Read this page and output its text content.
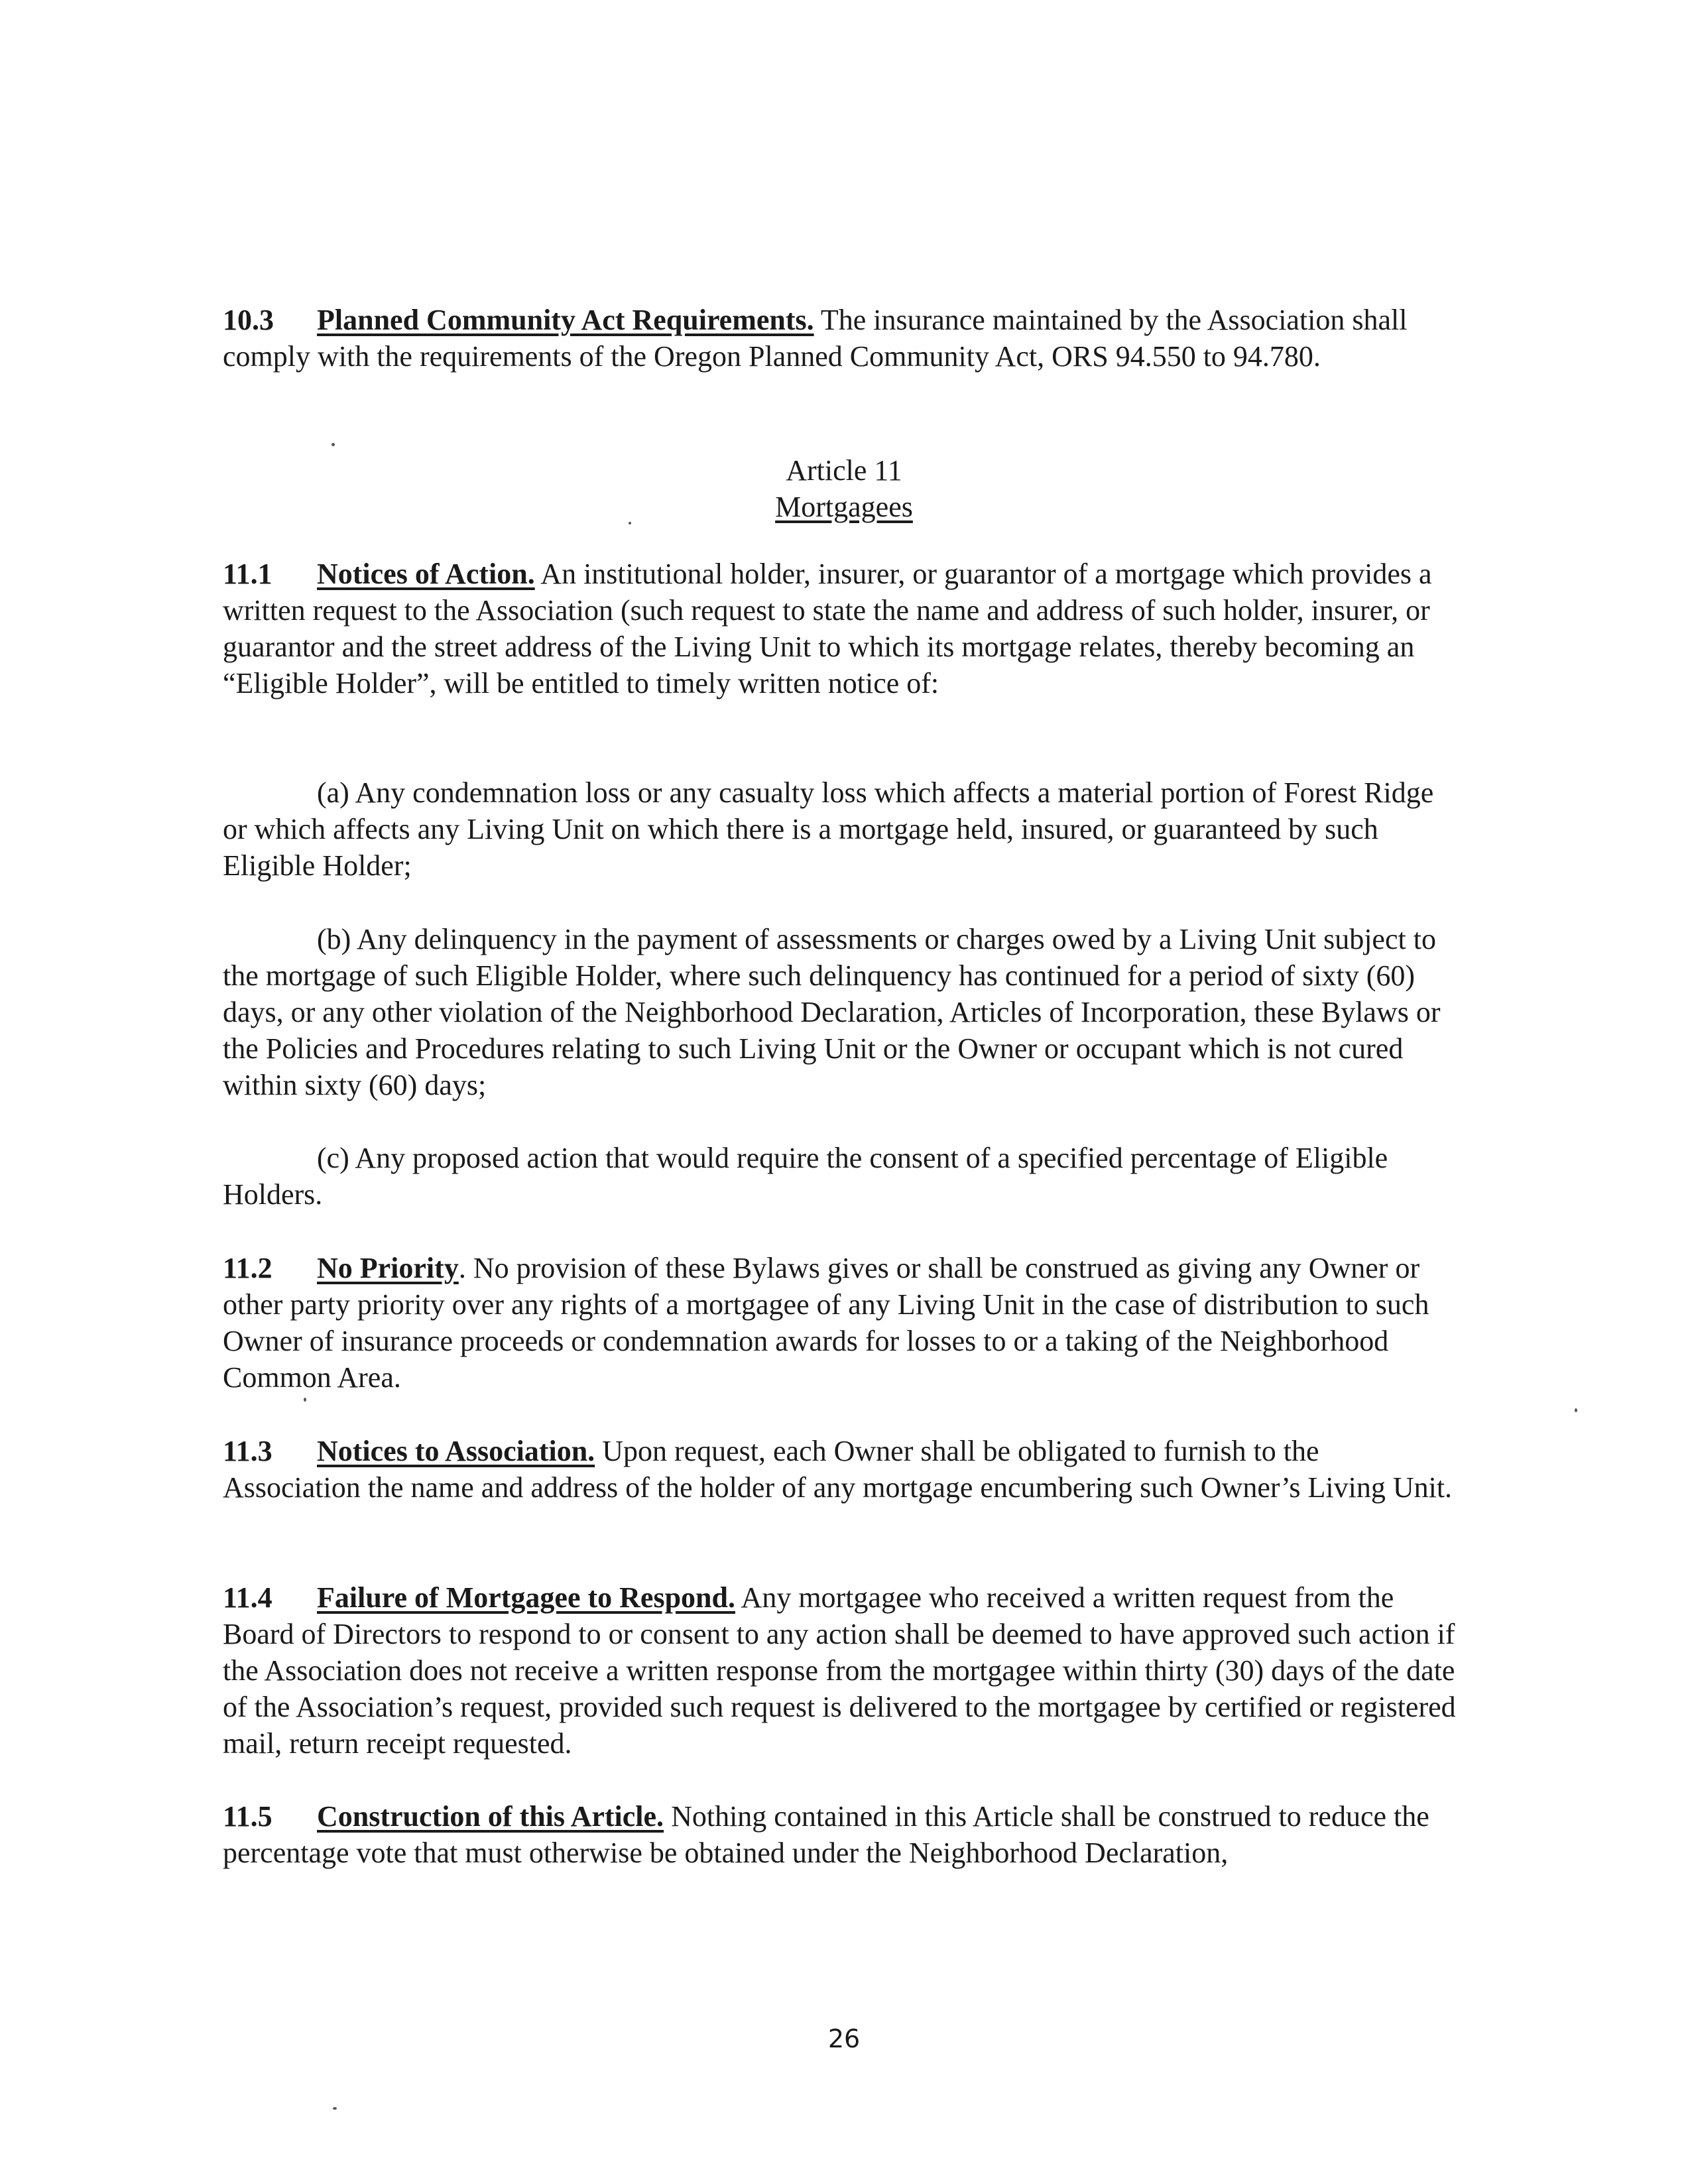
10.3 Planned Community Act Requirements. The insurance maintained by the Association shall comply with the requirements of the Oregon Planned Community Act, ORS 94.550 to 94.780.

Article 11
Mortgagees

11.1 Notices of Action. An institutional holder, insurer, or guarantor of a mortgage which provides a written request to the Association (such request to state the name and address of such holder, insurer, or guarantor and the street address of the Living Unit to which its mortgage relates, thereby becoming an “Eligible Holder”, will be entitled to timely written notice of:

(a) Any condemnation loss or any casualty loss which affects a material portion of Forest Ridge or which affects any Living Unit on which there is a mortgage held, insured, or guaranteed by such Eligible Holder;

(b) Any delinquency in the payment of assessments or charges owed by a Living Unit subject to the mortgage of such Eligible Holder, where such delinquency has continued for a period of sixty (60) days, or any other violation of the Neighborhood Declaration, Articles of Incorporation, these Bylaws or the Policies and Procedures relating to such Living Unit or the Owner or occupant which is not cured within sixty (60) days;

(c) Any proposed action that would require the consent of a specified percentage of Eligible Holders.

11.2 No Priority. No provision of these Bylaws gives or shall be construed as giving any Owner or other party priority over any rights of a mortgagee of any Living Unit in the case of distribution to such Owner of insurance proceeds or condemnation awards for losses to or a taking of the Neighborhood Common Area.

11.3 Notices to Association. Upon request, each Owner shall be obligated to furnish to the Association the name and address of the holder of any mortgage encumbering such Owner’s Living Unit.

11.4 Failure of Mortgagee to Respond. Any mortgagee who received a written request from the Board of Directors to respond to or consent to any action shall be deemed to have approved such action if the Association does not receive a written response from the mortgagee within thirty (30) days of the date of the Association’s request, provided such request is delivered to the mortgagee by certified or registered mail, return receipt requested.

11.5 Construction of this Article. Nothing contained in this Article shall be construed to reduce the percentage vote that must otherwise be obtained under the Neighborhood Declaration,

26
